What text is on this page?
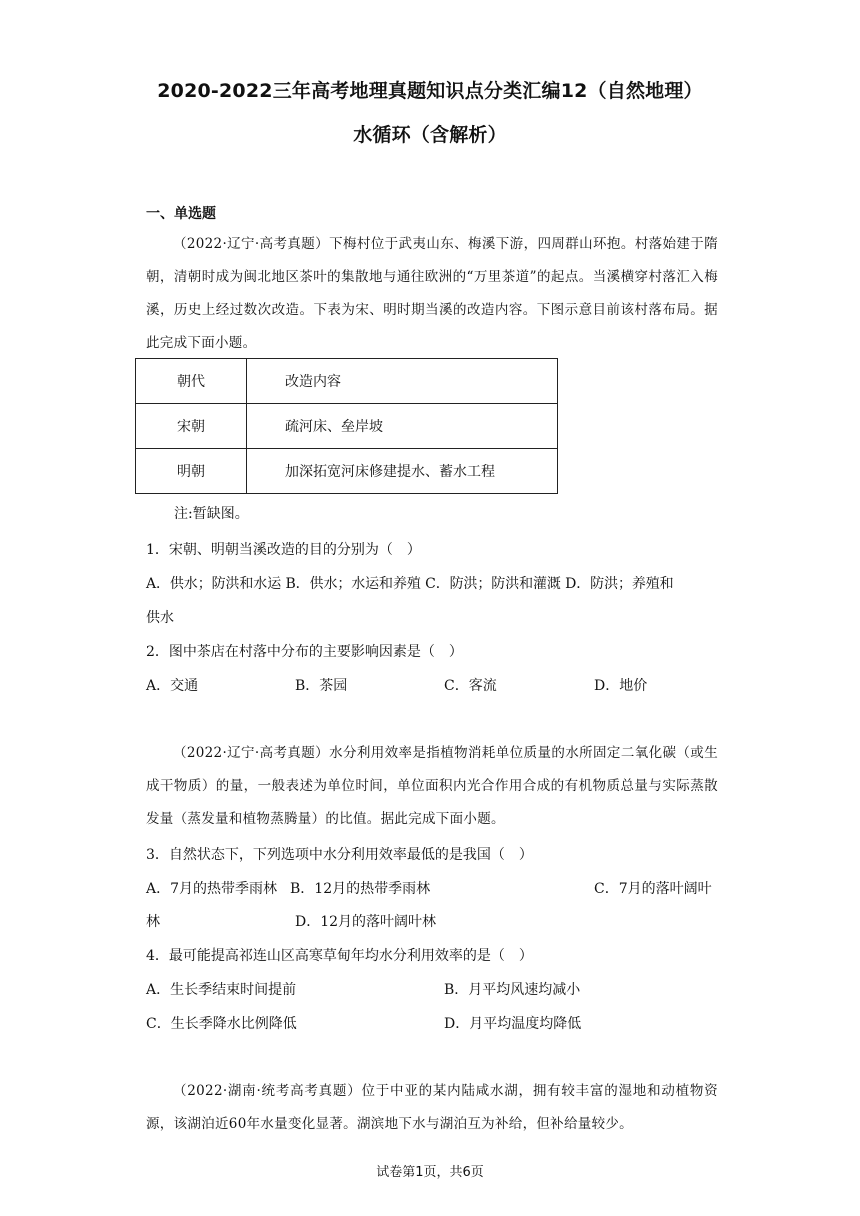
2020-2022三年高考地理真题知识点分类汇编12（自然地理）
水循环（含解析）
一、单选题

（2022·辽宁·高考真题）下梅村位于武夷山东、梅溪下游，四周群山环抱。村落始建于隋朝，清朝时成为闽北地区茶叶的集散地与通往欧洲的“万里茶道”的起点。当溪横穿村落汇入梅溪，历史上经过数次改造。下表为宋、明时期当溪的改造内容。下图示意目前该村落布局。据此完成下面小题。

朝代	改造内容
宋朝	疏河床、垒岸坡
明朝	加深拓宽河床修建提水、蓄水工程
注:暂缺图。
1．宋朝、明朝当溪改造的目的分别为（　）
A．供水；防洪和水运 B．供水；水运和养殖 C．防洪；防洪和灌溉 D．防洪；养殖和
供水
2．图中茶店在村落中分布的主要影响因素是（　）
A．交通	B．茶园	C．客流	D．地价

（2022·辽宁·高考真题）水分利用效率是指植物消耗单位质量的水所固定二氧化碳（或生成干物质）的量，一般表述为单位时间，单位面积内光合作用合成的有机物质总量与实际蒸散发量（蒸发量和植物蒸腾量）的比值。据此完成下面小题。

3．自然状态下，下列选项中水分利用效率最低的是我国（　）
A．7月的热带季雨林 B．12月的热带季雨林	C．7月的落叶阔叶
林	D．12月的落叶阔叶林
4．最可能提高祁连山区高寒草甸年均水分利用效率的是（　）
A．生长季结束时间提前	B．月平均风速均减小
C．生长季降水比例降低	D．月平均温度均降低

（2022·湖南·统考高考真题）位于中亚的某内陆咸水湖，拥有较丰富的湿地和动植物资源，该湖泊近60年水量变化显著。湖滨地下水与湖泊互为补给，但补给量较少。

试卷第1页，共6页
